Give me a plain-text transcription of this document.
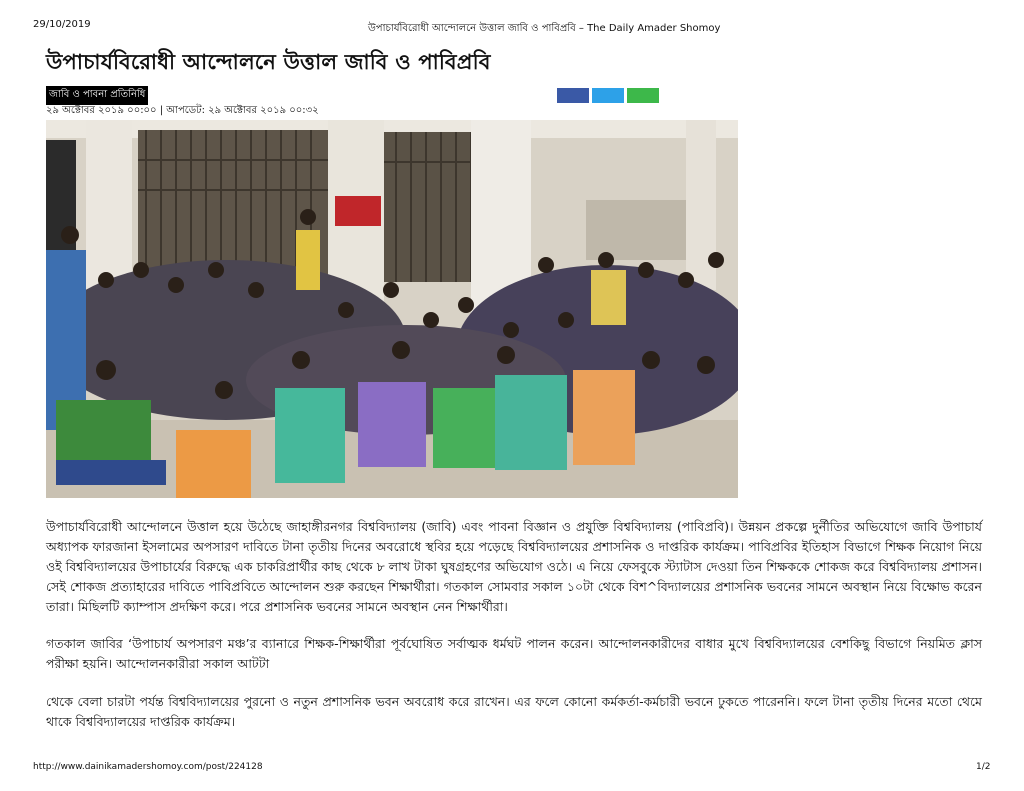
29/10/2019	উপাচার্যবিরোধী আন্দোলনে উত্তাল জাবি ও পাবিপ্রবি – The Daily Amader Shomoy
উপাচার্যবিরোধী আন্দোলনে উত্তাল জাবি ও পাবিপ্রবি
জাবি ও পাবনা প্রতিনিধি
২৯ অক্টোবর ২০১৯ ০০:০০ | আপডেট: ২৯ অক্টোবর ২০১৯ ০০:৩২

উপাচার্যবিরোধী আন্দোলনে উত্তাল হয়ে উঠেছে জাহাঙ্গীরনগর বিশ্ববিদ্যালয় (জাবি) এবং পাবনা বিজ্ঞান ও প্রযুক্তি বিশ্ববিদ্যালয় (পাবিপ্রবি)। উন্নয়ন প্রকল্পে দুর্নীতির অভিযোগে জাবি উপাচার্য অধ্যাপক ফারজানা ইসলামের অপসারণ দাবিতে টানা তৃতীয় দিনের অবরোধে স্থবির হয়ে পড়েছে বিশ্ববিদ্যালয়ের প্রশাসনিক ও দাপ্তরিক কার্যক্রম। পাবিপ্রবির ইতিহাস বিভাগে শিক্ষক নিয়োগ নিয়ে ওই বিশ্ববিদ্যালয়ের উপাচার্যের বিরুদ্ধে এক চাকরিপ্রার্থীর কাছ থেকে ৮ লাখ টাকা ঘুষগ্রহণের অভিযোগ ওঠে। এ নিয়ে ফেসবুকে স্ট্যাটাস দেওয়া তিন শিক্ষককে শোকজ করে বিশ্ববিদ্যালয় প্রশাসন। সেই শোকজ প্রত্যাহারের দাবিতে পাবিপ্রবিতে আন্দোলন শুরু করছেন শিক্ষার্থীরা। গতকাল সোমবার সকাল ১০টা থেকে বিশ^বিদ্যালয়ের প্রশাসনিক ভবনের সামনে অবস্থান নিয়ে বিক্ষোভ করেন তারা। মিছিলটি ক্যাম্পাস প্রদক্ষিণ করে। পরে প্রশাসনিক ভবনের সামনে অবস্থান নেন শিক্ষার্থীরা।

গতকাল জাবির ‘উপাচার্য অপসারণ মঞ্চ’র ব্যানারে শিক্ষক-শিক্ষার্থীরা পূর্বঘোষিত সর্বাত্মক ধর্মঘট পালন করেন। আন্দোলনকারীদের বাধার মুখে বিশ্ববিদ্যালয়ের বেশকিছু বিভাগে নিয়মিত ক্লাস পরীক্ষা হয়নি। আন্দোলনকারীরা সকাল আটটা

থেকে বেলা চারটা পর্যন্ত বিশ্ববিদ্যালয়ের পুরনো ও নতুন প্রশাসনিক ভবন অবরোধ করে রাখেন। এর ফলে কোনো কর্মকর্তা-কর্মচারী ভবনে ঢুকতে পারেননি। ফলে টানা তৃতীয় দিনের মতো থেমে থাকে বিশ্ববিদ্যালয়ের দাপ্তরিক কার্যক্রম।

http://www.dainikamadershomoy.com/post/224128	1/2
